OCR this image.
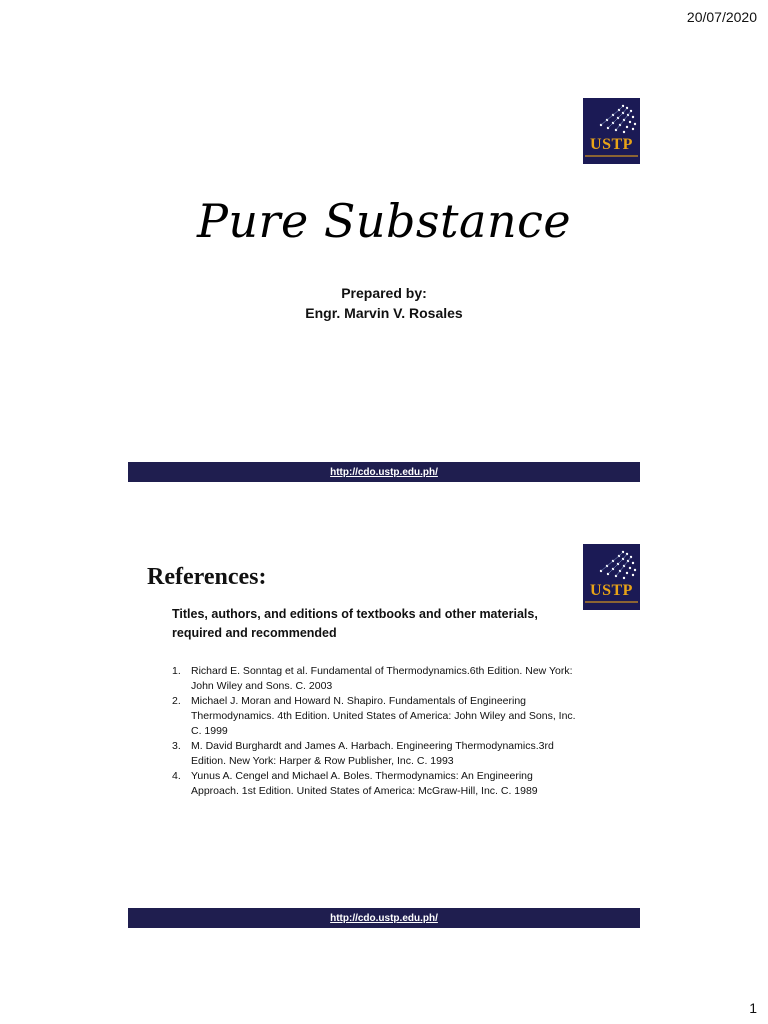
20/07/2020
USTP
Pure Substance
Prepared by:
Engr. Marvin V. Rosales
http://cdo.ustp.edu.ph/
USTP
References:
Titles, authors, and editions of textbooks and other materials, required and recommended
1. Richard E. Sonntag et al. Fundamental of Thermodynamics.6th Edition. New York: John Wiley and Sons. C. 2003
2. Michael J. Moran and Howard N. Shapiro. Fundamentals of Engineering Thermodynamics. 4th Edition. United States of America: John Wiley and Sons, Inc. C. 1999
3. M. David Burghardt and James A. Harbach. Engineering Thermodynamics.3rd Edition. New York: Harper & Row Publisher, Inc. C. 1993
4. Yunus A. Cengel and Michael A. Boles. Thermodynamics: An Engineering Approach. 1st Edition. United States of America: McGraw-Hill, Inc. C. 1989
http://cdo.ustp.edu.ph/
1
